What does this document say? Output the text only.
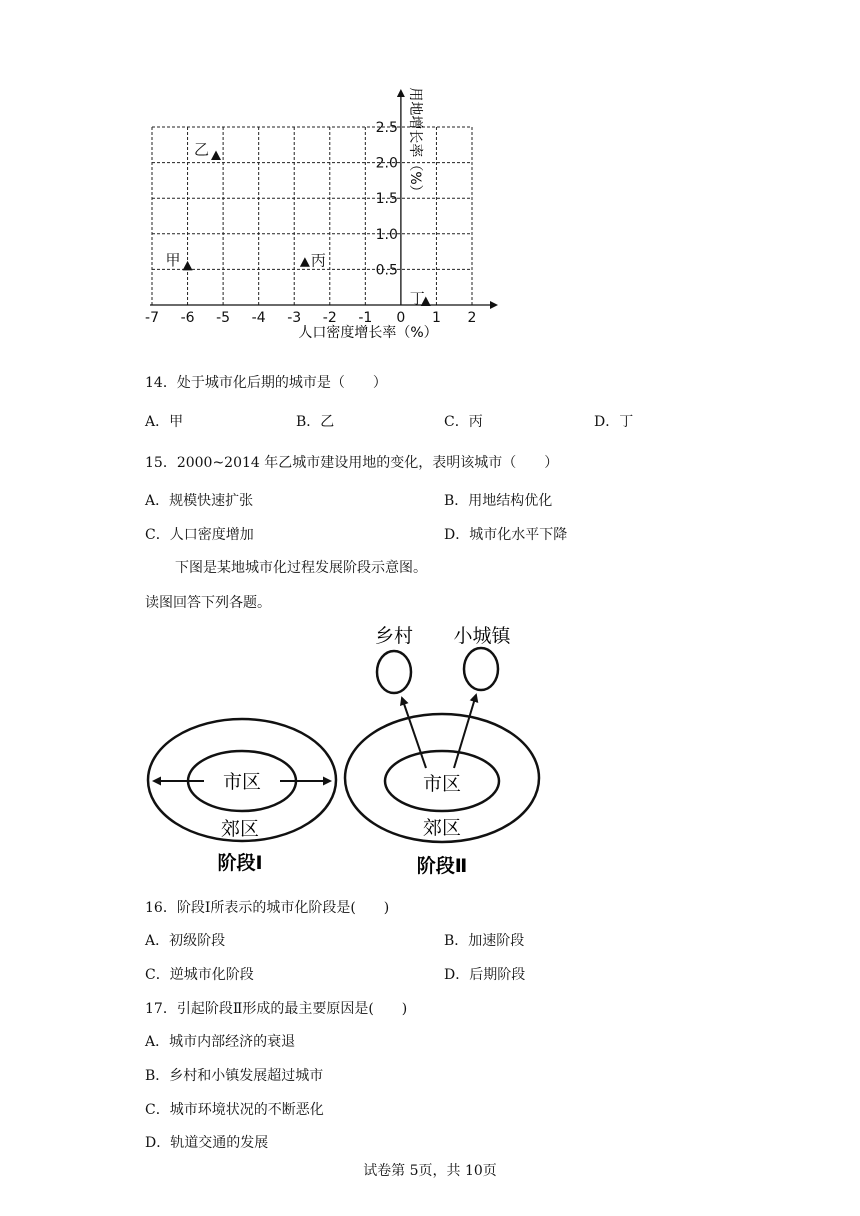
-7 -6 -5 -4 -3 -2 -1 0 1 2
2.5
2.0
1.5
1.0
0.5
甲
乙
丙
丁
人口密度增长率（%）
用地增长率（%）
14．处于城市化后期的城市是（　　）
A．甲	B．乙	C．丙	D．丁
15．2000~2014 年乙城市建设用地的变化，表明该城市（　　）
A．规模快速扩张	B．用地结构优化
C．人口密度增加	D．城市化水平下降
下图是某地城市化过程发展阶段示意图。
读图回答下列各题。
市区
郊区
阶段Ⅰ
乡村 小城镇
市区
郊区
阶段Ⅱ
16．阶段Ⅰ所表示的城市化阶段是(　　)
A．初级阶段	B．加速阶段
C．逆城市化阶段	D．后期阶段
17．引起阶段Ⅱ形成的最主要原因是(　　)
A．城市内部经济的衰退
B．乡村和小镇发展超过城市
C．城市环境状况的不断恶化
D．轨道交通的发展
试卷第 5页，共 10页
